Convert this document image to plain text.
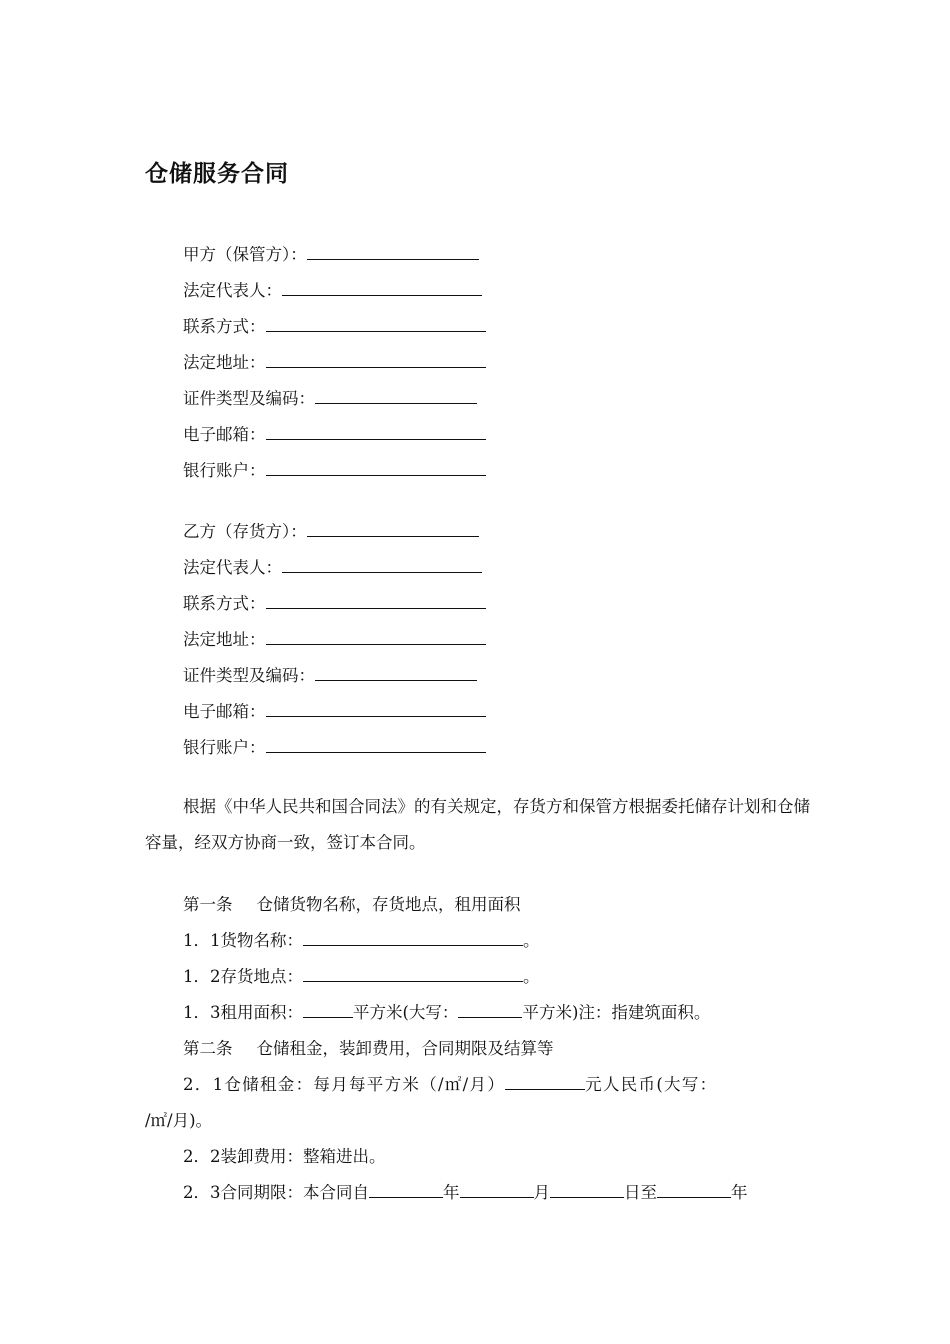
仓储服务合同
甲方（保管方）：
法定代表人：
联系方式：
法定地址：
证件类型及编码：
电子邮箱：
银行账户：
乙方（存货方）：
法定代表人：
联系方式：
法定地址：
证件类型及编码：
电子邮箱：
银行账户：
根据《中华人民共和国合同法》的有关规定，存货方和保管方根据委托储存计划和仓储容量，经双方协商一致，签订本合同。
第一条 仓储货物名称，存货地点，租用面积
1．1货物名称：	。
1．2存货地点：	。
1．3租用面积：	平方米(大写：	平方米)注：指建筑面积。
第二条 仓储租金，装卸费用，合同期限及结算等
2．1仓储租金：每月每平方米（/㎡/月）	元人民币(大写：
/㎡/月)。
2．2装卸费用：整箱进出。
2．3合同期限：本合同自	年	月	日至	年
